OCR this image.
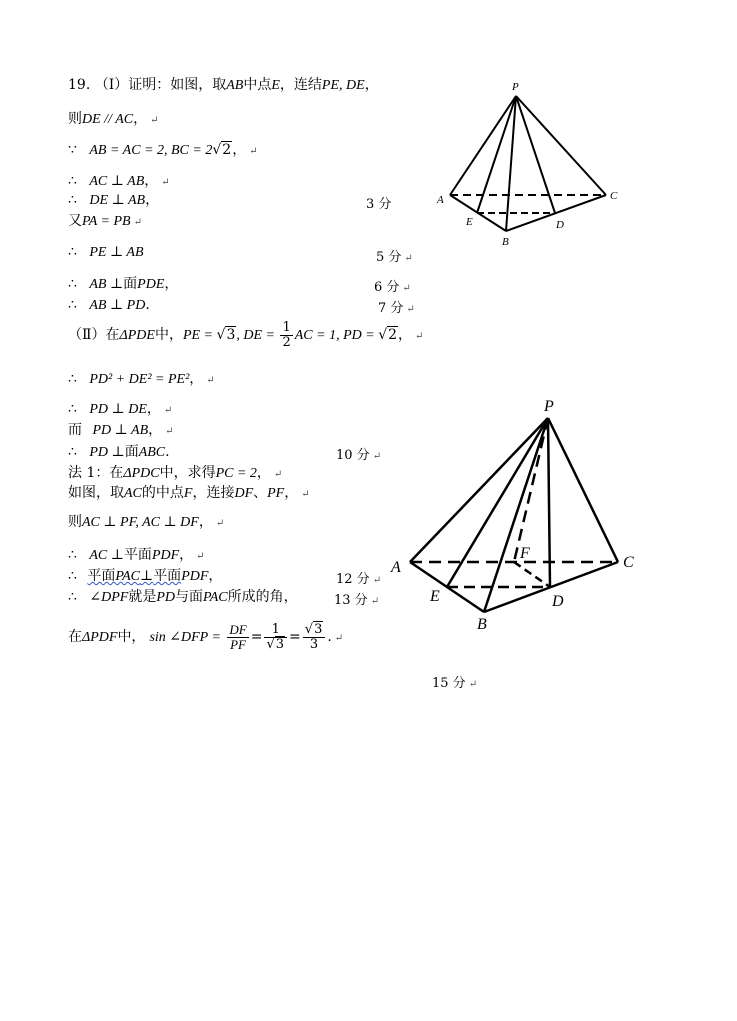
19. （Ⅰ）证明：如图，取AB中点E，连结PE, DE，
则DE // AC， ↵
∵ AB = AC = 2, BC = 2√2， ↵
∴ AC ⊥ AB， ↵
∴ DE ⊥ AB，	3 分
又PA = PB ↵
∴ PE ⊥ AB	5 分 ↵
∴ AB ⊥面PDE，	6 分 ↵
∴ AB ⊥ PD.	7 分 ↵
（Ⅱ）在ΔPDE中，PE = √3, DE = $\frac{1}{2}$ AC = 1, PD = √2， ↵
∴ PD² + DE² = PE²， ↵
∴ PD ⊥ DE， ↵
而 PD ⊥ AB， ↵
∴ PD ⊥面ABC.	10 分 ↵
法 1：在ΔPDC中，求得PC = 2， ↵
如图，取AC的中点F，连接DF、PF， ↵
则AC ⊥ PF, AC ⊥ DF， ↵
∴ AC ⊥平面PDF， ↵
∴ 平面PAC⊥平面PDF，	12 分 ↵
∴ ∠DPF就是PD与面PAC所成的角，	13 分 ↵
在ΔPDF中， sin ∠DFP = $\frac{DF}{PF} = \frac{1}{√3} = \frac{√3}{3}$ . ↵
15 分 ↵
P
A	C
E	D
B
P
A	C
E	D
B
F
